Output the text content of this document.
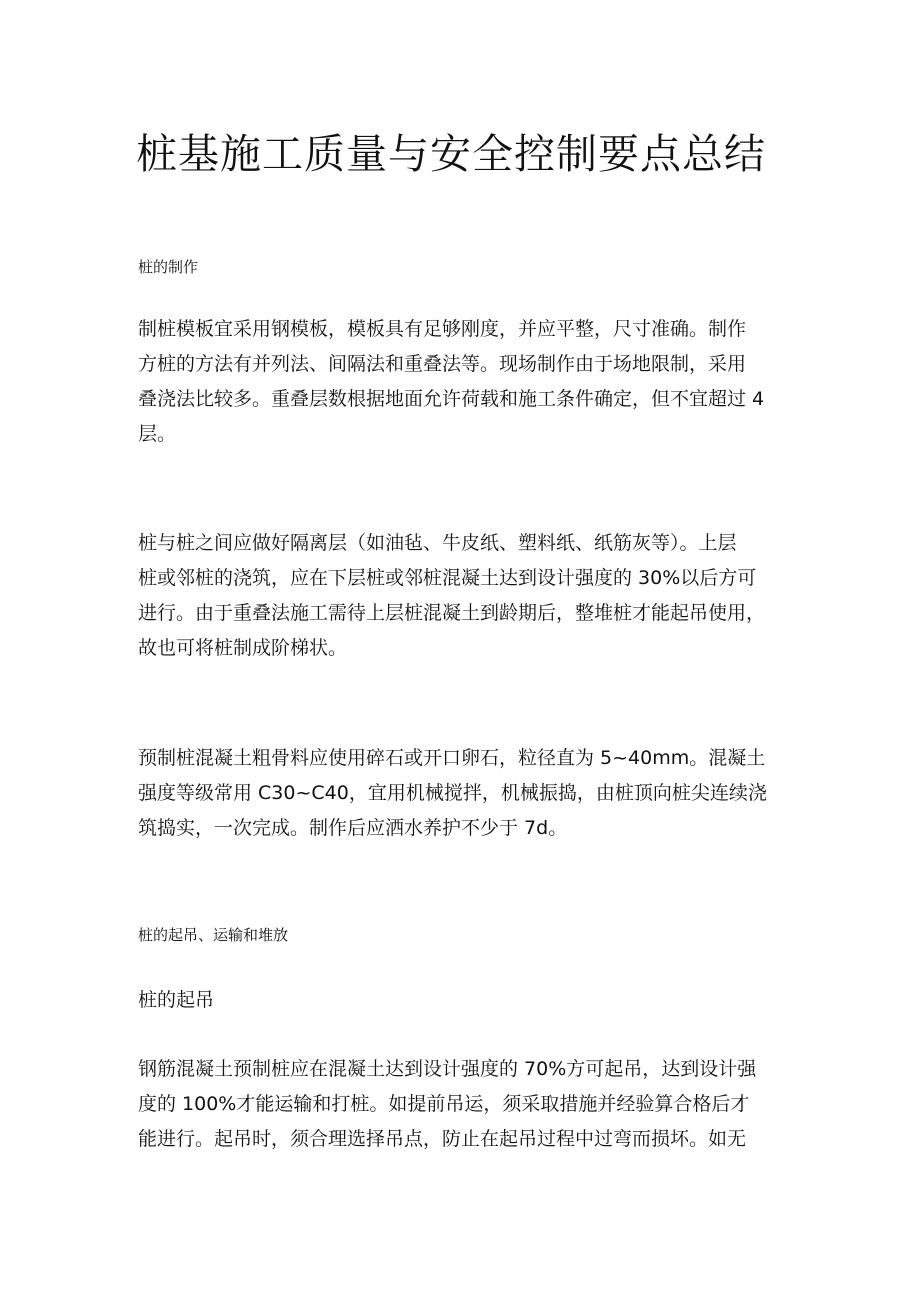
桩基施工质量与安全控制要点总结
桩的制作
制桩模板宜采用钢模板，模板具有足够刚度，并应平整，尺寸准确。制作
方桩的方法有并列法、间隔法和重叠法等。现场制作由于场地限制，采用
叠浇法比较多。重叠层数根据地面允许荷载和施工条件确定，但不宜超过 4
层。
桩与桩之间应做好隔离层（如油毡、牛皮纸、塑料纸、纸筋灰等）。上层
桩或邻桩的浇筑，应在下层桩或邻桩混凝土达到设计强度的 30%以后方可
进行。由于重叠法施工需待上层桩混凝土到龄期后，整堆桩才能起吊使用，
故也可将桩制成阶梯状。
预制桩混凝土粗骨料应使用碎石或开口卵石，粒径直为 5~40mm。混凝土
强度等级常用 C30~C40，宜用机械搅拌，机械振捣，由桩顶向桩尖连续浇
筑捣实，一次完成。制作后应洒水养护不少于 7d。
桩的起吊、运输和堆放
桩的起吊
钢筋混凝土预制桩应在混凝土达到设计强度的 70%方可起吊，达到设计强
度的 100%才能运输和打桩。如提前吊运，须采取措施并经验算合格后才
能进行。起吊时，须合理选择吊点，防止在起吊过程中过弯而损坏。如无
